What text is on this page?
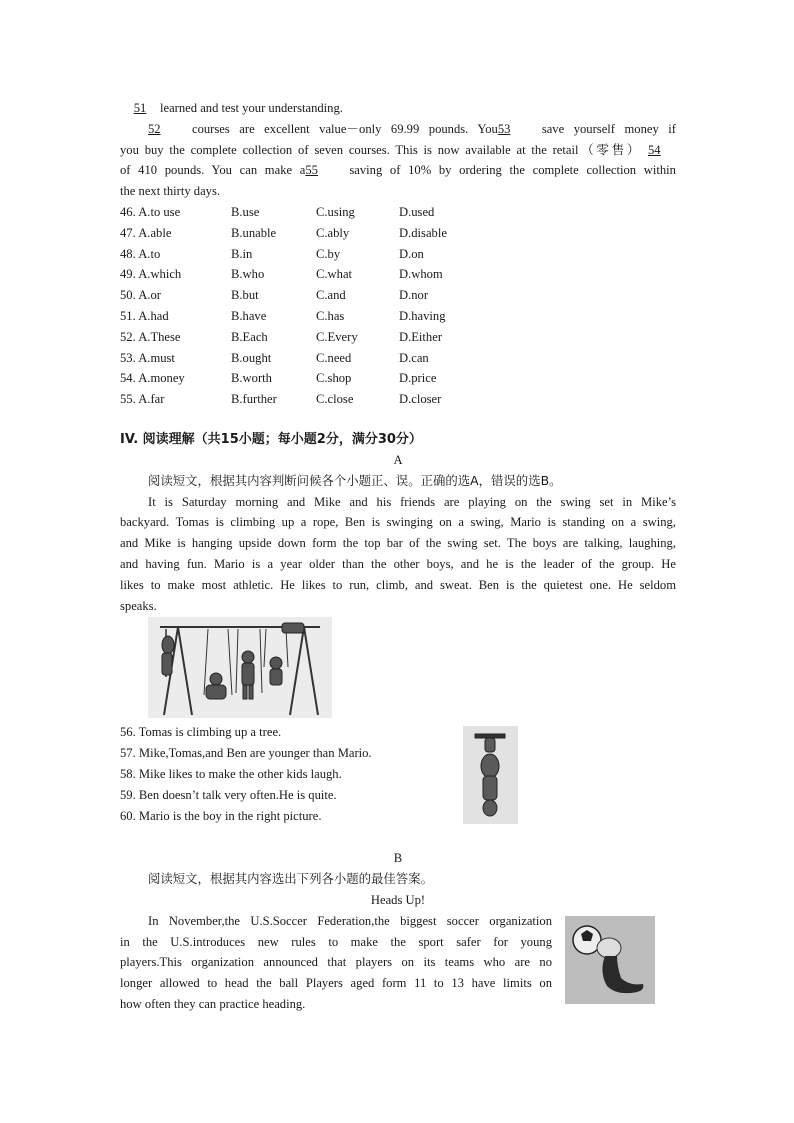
51 learned and test your understanding.
52 courses are excellent value－only 69.99 pounds. You53 save yourself money if
you buy the complete collection of seven courses. This is now available at the retail（零售） 54
of 410 pounds. You can make a55 saving of 10% by ordering the complete collection within
the next thirty days.
46. A.to use	B.use	C.using	D.used
47. A.able	B.unable	C.ably	D.disable
48. A.to	B.in	C.by	D.on
49. A.which	B.who	C.what	D.whom
50. A.or	B.but	C.and	D.nor
51. A.had	B.have	C.has	D.having
52. A.These	B.Each	C.Every	D.Either
53. A.must	B.ought	C.need	D.can
54. A.money	B.worth	C.shop	D.price
55. A.far	B.further	C.close	D.closer
IV. 阅读理解（共15小题；每小题2分，满分30分）
A
阅读短文，根据其内容判断问候各个小题正、误。正确的选A，错误的选B。
It is Saturday morning and Mike and his friends are playing on the swing set in Mike’s
backyard. Tomas is climbing up a rope, Ben is swinging on a swing, Mario is standing on a swing,
and Mike is hanging upside down form the top bar of the swing set. The boys are talking, laughing,
and having fun. Mario is a year older than the other boys, and he is the leader of the group. He
likes to make most athletic. He likes to run, climb, and sweat. Ben is the quietest one. He seldom
speaks.
56. Tomas is climbing up a tree.
57. Mike,Tomas,and Ben are younger than Mario.
58. Mike likes to make the other kids laugh.
59. Ben doesn’t talk very often.He is quite.
60. Mario is the boy in the right picture.
B
阅读短文，根据其内容选出下列各小题的最佳答案。
Heads Up!
In November,the U.S.Soccer Federation,the biggest soccer organization
in the U.S.introduces new rules to make the sport safer for young
players.This organization announced that players on its teams who are no
longer allowed to head the ball Players aged form 11 to 13 have limits on
how often they can practice heading.
